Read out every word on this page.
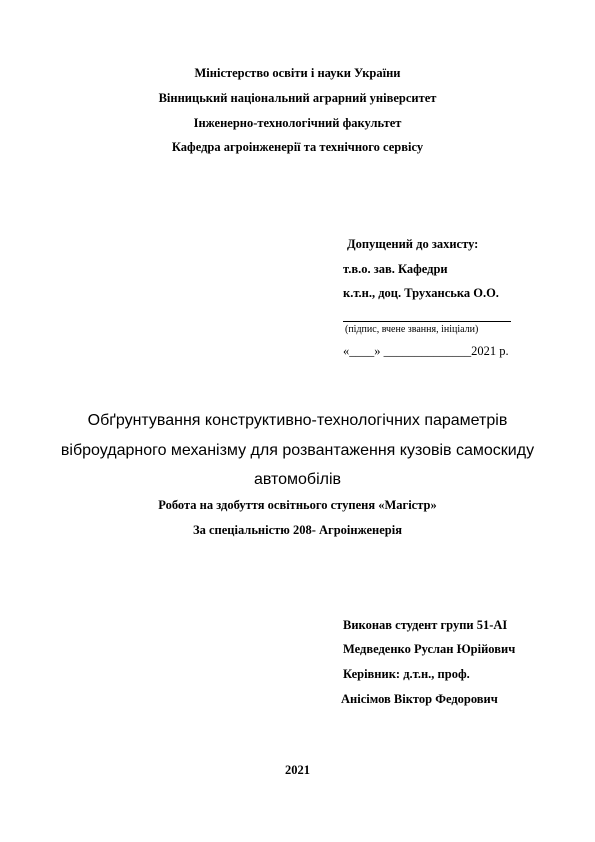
Міністерство освіти і науки України
Вінницький національний аграрний університет
Інженерно-технологічний факультет
Кафедра агроінженерії та технічного сервісу
Допущений до захисту:
т.в.о. зав. Кафедри
к.т.н., доц. Труханська О.О.
(підпис, вчене звання, ініціали)
«____» ______________2021 р.
Обґрунтування конструктивно-технологічних параметрів
віброударного механізму для розвантаження кузовів самоскиду
автомобілів
Робота на здобуття освітнього ступеня «Магістр»
За спеціальністю 208- Агроінженерія
Виконав студент групи 51-АІ
Медведенко Руслан Юрійович
Керівник: д.т.н., проф.
Анісімов Віктор Федорович
2021
